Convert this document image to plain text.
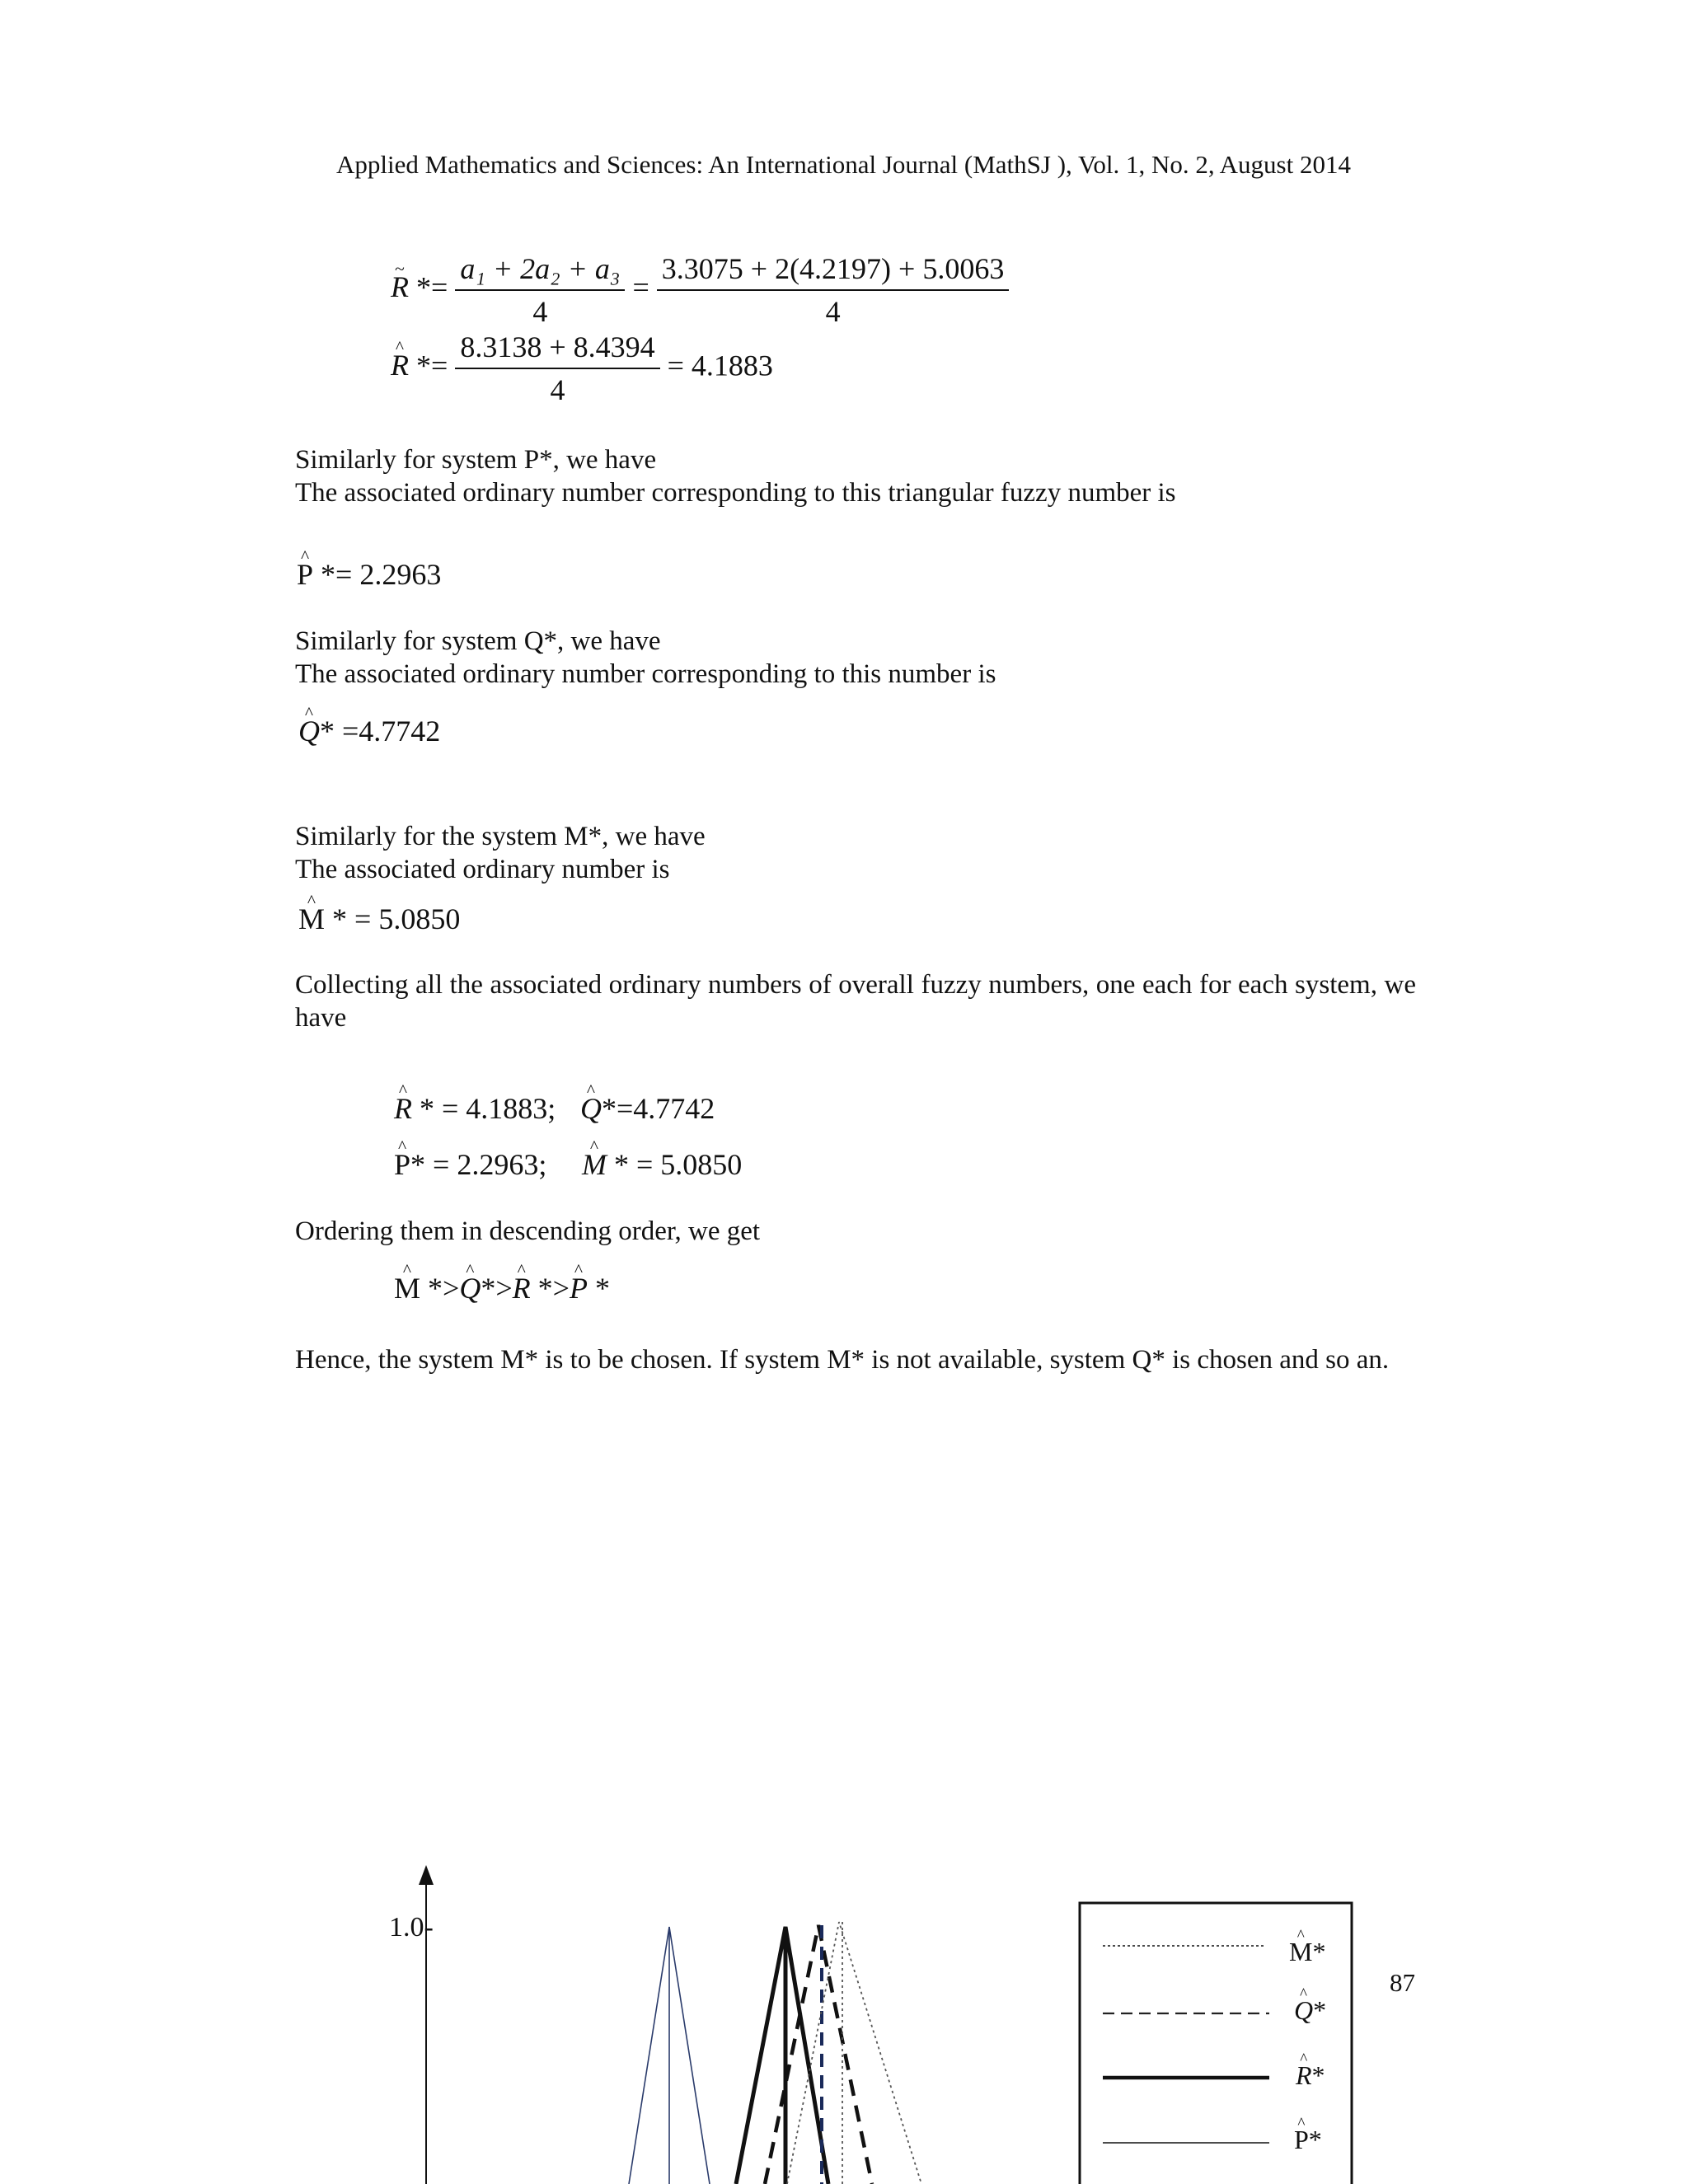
Applied Mathematics and Sciences: An International Journal (MathSJ ), Vol. 1, No. 2, August 2014
~ $R *= \frac{\text{a₁ + 2a₂ + a₃}}{4} = \frac{3.3075 + 2(4.2197) + 5.0063}{4}$
^ $R *= \frac{8.3138 + 8.4394}{4} = 4.1883$
Similarly for system P*, we have
The associated ordinary number corresponding to this triangular fuzzy number is
^ P *= 2.2963
Similarly for system Q*, we have
The associated ordinary number corresponding to this number is
^ Q* =4.7742
Similarly for the system M*, we have
The associated ordinary number is
^ M * = 5.0850
Collecting all the associated ordinary numbers of overall fuzzy numbers, one each for each system, we have
^ R * = 4.1883; ^ Q*=4.7742
^ P* = 2.2963; ^ M * = 5.0850
Ordering them in descending order, we get
^ M *>^ Q*>^ R *>^ P *
Hence, the system M* is to be chosen. If system M* is not available, system Q* is chosen and so an.
87
1.0-
^ M*
^ Q*
^ R*
^ P*
